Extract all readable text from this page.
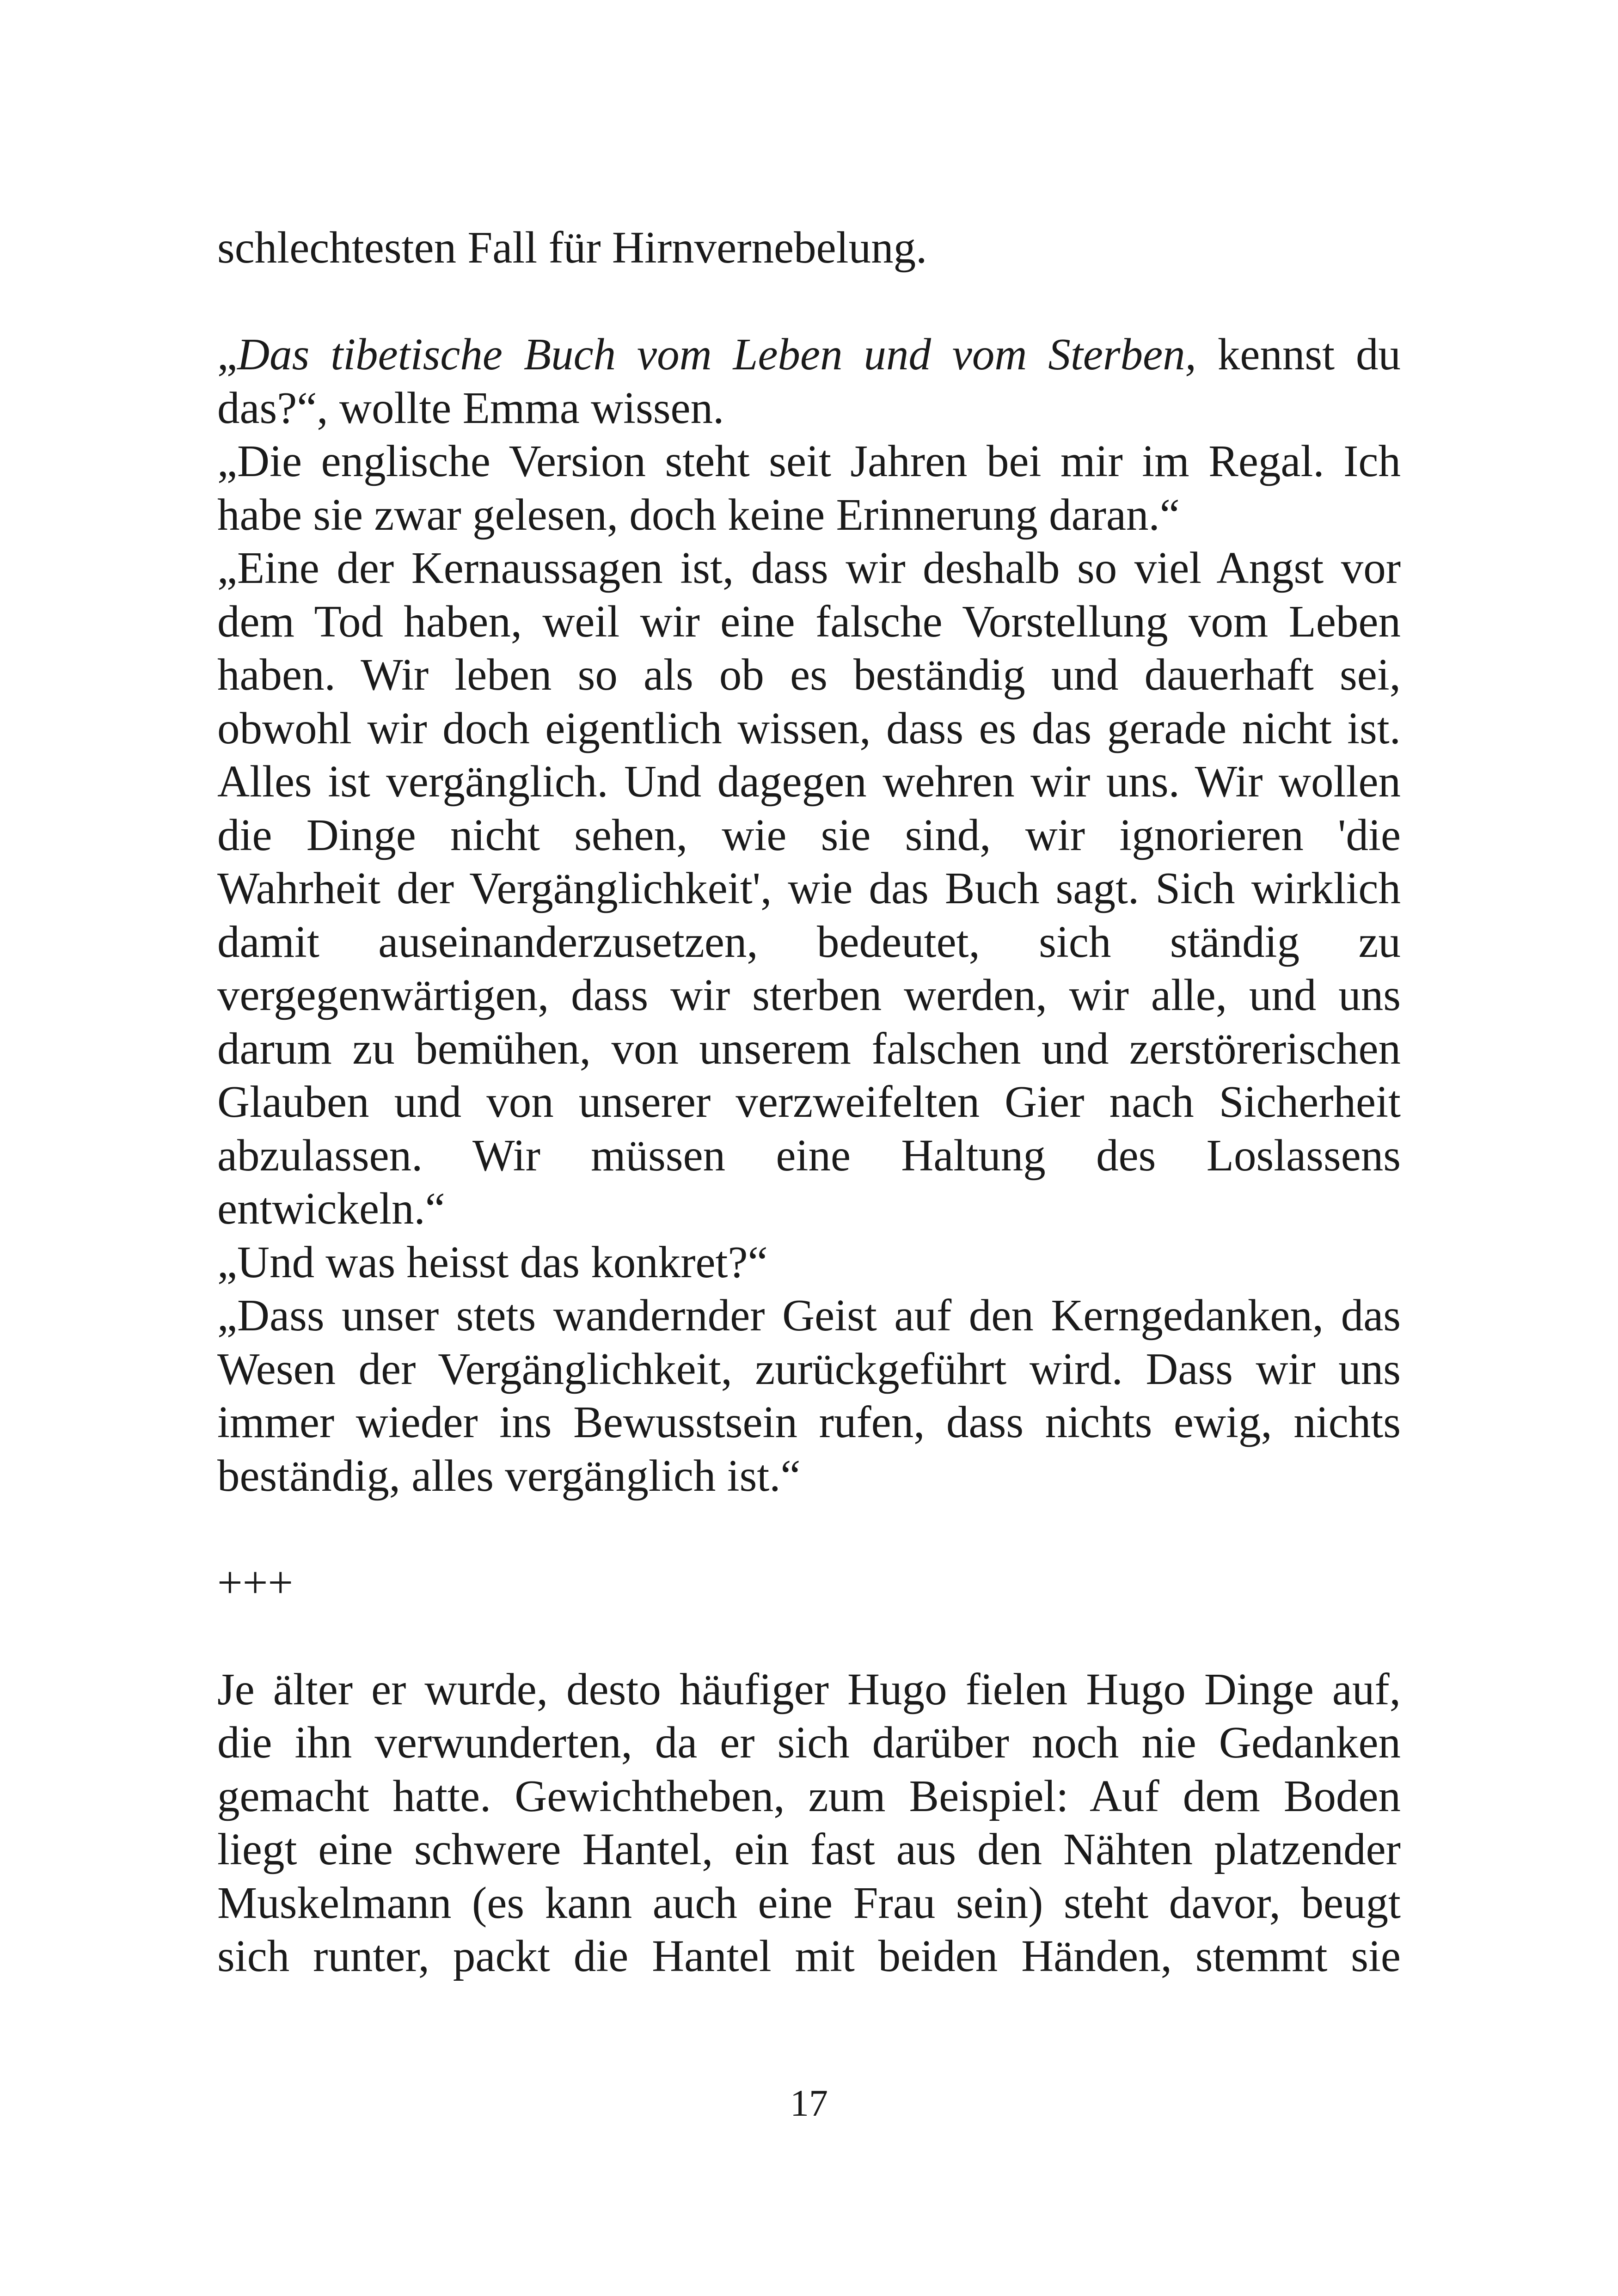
schlechtesten Fall für Hirnvernebelung.
„Das tibetische Buch vom Leben und vom Sterben, kennst du
das?“, wollte Emma wissen.
„Die englische Version steht seit Jahren bei mir im Regal. Ich
habe sie zwar gelesen, doch keine Erinnerung daran.“
„Eine der Kernaussagen ist, dass wir deshalb so viel Angst vor
dem Tod haben, weil wir eine falsche Vorstellung vom Leben
haben. Wir leben so als ob es beständig und dauerhaft sei,
obwohl wir doch eigentlich wissen, dass es das gerade nicht ist.
Alles ist vergänglich. Und dagegen wehren wir uns. Wir wollen
die Dinge nicht sehen, wie sie sind, wir ignorieren 'die
Wahrheit der Vergänglichkeit', wie das Buch sagt. Sich wirklich
damit auseinanderzusetzen, bedeutet, sich ständig zu
vergegenwärtigen, dass wir sterben werden, wir alle, und uns
darum zu bemühen, von unserem falschen und zerstörerischen
Glauben und von unserer verzweifelten Gier nach Sicherheit
abzulassen. Wir müssen eine Haltung des Loslassens
entwickeln.“
„Und was heisst das konkret?“
„Dass unser stets wandernder Geist auf den Kerngedanken, das
Wesen der Vergänglichkeit, zurückgeführt wird. Dass wir uns
immer wieder ins Bewusstsein rufen, dass nichts ewig, nichts
beständig, alles vergänglich ist.“
+++
Je älter er wurde, desto häufiger Hugo fielen Hugo Dinge auf,
die ihn verwunderten, da er sich darüber noch nie Gedanken
gemacht hatte. Gewichtheben, zum Beispiel: Auf dem Boden
liegt eine schwere Hantel, ein fast aus den Nähten platzender
Muskelmann (es kann auch eine Frau sein) steht davor, beugt
sich runter, packt die Hantel mit beiden Händen, stemmt sie
17
